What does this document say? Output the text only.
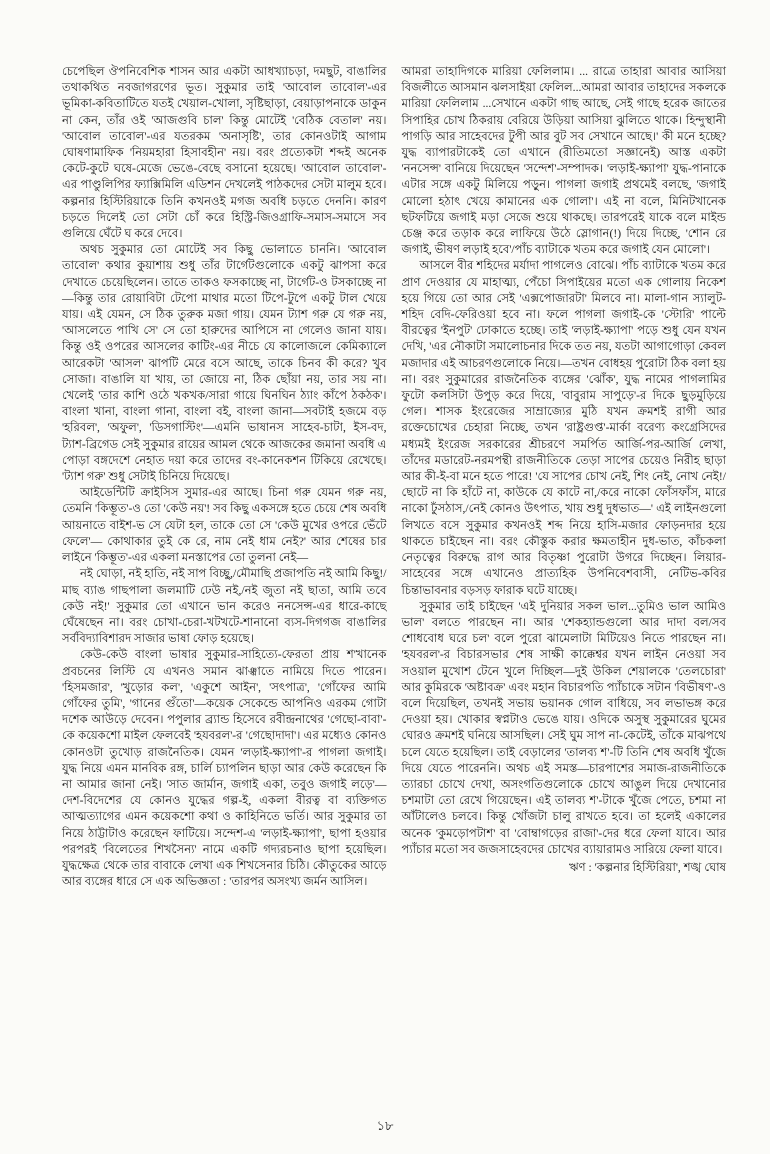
চেপেছিল ঔপনিবেশিক শাসন আর একটা আধখ্যাচড়া, দমছুট, বাঙালির তথাকথিত নবজাগরণের ভূত। সুকুমার তাই 'আবোল তাবোল'-এর ভূমিকা-কবিতাটিতে যতই খেয়াল-খোলা, সৃষ্টিছাড়া, বেয়াড়াপনাকে ডাকুন না কেন, তাঁর ওই 'আজগুবি চাল' কিন্তু মোটেই 'বেঠিক বেতাল' নয়। 'আবোল তাবোল'-এর যতরকম 'অনাসৃষ্টি', তার কোনওটাই আগাম ঘোষণামাফিক 'নিয়মহারা হিসাবহীন' নয়। বরং প্রত্যেকটা শব্দই অনেক কেটে-কুটে ঘষে-মেজে ভেঙে-বেছে বসানো হয়েছে। 'আবোল তাবোল'-এর পাণ্ডুলিপির ফ্যাক্সিমিলি এডিশন দেখলেই পাঠকদের সেটা মালুম হবে। কল্পনার হিস্টিরিয়াকে তিনি কখনওই মগজ অবধি চড়তে দেননি। কারণ চড়তে দিলেই তো সেটা চোঁ করে হিস্ট্রি-জিওগ্রাফি-সমাস-সমাসে সব গুলিয়ে ঘেঁটে ঘ করে দেবে।

অথচ সুকুমার তো মোটেই সব কিছু ভোলাতে চাননি। 'আবোল তাবোল' কথার কুয়াশায় শুধু তাঁর টার্গেটগুলোকে একটু ঝাপসা করে দেখাতে চেয়েছিলেন। তাতে তাকও ফসকাচ্ছে না, টার্গেট-ও টসকাচ্ছে না—কিন্তু তার রোয়াবিটা টেপো মাথার মতো টিপে-টুপে একটু টাল খেয়ে যায়। এই যেমন, সে ঠিক তুরুক মজা গায়। যেমন ট্যাশ গরু যে গরু নয়, 'আসলেতে পাখি সে' সে তো হারুদের আপিসে না গেলেও জানা যায়। কিন্তু ওই ওপরের আসলের কাটিং-এর নীচে যে কালোজলে কেমিক্যালে আরেকটা 'আসল' ঝাপটি মেরে বসে আছে, তাকে চিনব কী করে? খুব সোজা। বাঙালি যা খায়, তা জোয়ে না, ঠিক ছোঁয়া নয়, তার সয় না। খেলেই 'তার কাশি ওঠে খকখক/সারা গায়ে ঘিনঘিন ঠ্যাং কাঁপে ঠকঠক'। বাংলা খানা, বাংলা গানা, বাংলা বই, বাংলা জানা—সবটাই হজমে বড় 'হরিবল', 'অফুল', 'ডিসগাস্টিং'—এমনি ভাষানস সাহেব-চাটা, ইস-বদ, ট্যাশ-ব্রিগেড সেই সুকুমার রায়ের আমল থেকে আজকের জমানা অবধি এ পোড়া বঙ্গদেশে নেহাত দয়া করে তাদের বং-কানেকশন টিকিয়ে রেখেছে। 'ট্যাশ গরু' শুধু সেটাই চিনিয়ে দিয়েছে।

আইডেন্টিটি ক্রাইসিস সুমার-এর আছে। চিনা গরু যেমন গরু নয়, তেমনি 'কিম্ভূত'-ও তো 'কেউ নয়'! সব কিছু একসঙ্গে হতে চেয়ে শেষ অবধি আয়নাতে বাইশ-ভ সে যেটা হল, তাকে তো সে 'কেউ মুখের ওপরে ভেঁটে ফেলে'— কোথাকার তুই কে রে, নাম নেই ধাম নেই?' আর শেষের চার লাইনে 'কিম্ভূত'-এর একলা মনস্তাপের তো তুলনা নেই—

নই ঘোড়া, নই হাতি, নই সাপ বিচ্ছু,/মৌমাছি প্রজাপতি নই আমি কিছু!/মাছ ব্যাঙ গাছপালা জলমাটি ঢেউ নই,/নই জুতা নই ছাতা, আমি তবে কেউ নই!' সুকুমার তো এখানে ভান করেও ননসেন্স-এর ধারে-কাছে ঘেঁষেছেন না। বরং চোখা-চেরা-খটখটে-শানানো ব্যস-দিগগজ বাঙালির সর্ববিদ্যাবিশারদ সাজার ভাষা ফোড় হয়েছে।

কেউ-কেউ বাংলা ভাষার সুকুমার-সাহিত্যে-ফেরতা প্রায় শ'খানেক প্রবচনের লিস্টি যে এখনও সমান ঝাঞ্ঝাতে নামিয়ে দিতে পারেন। 'হিসমজার', 'খুড়োর কল', 'একুশে আইন', 'সৎপাত্র', 'গোঁফের আমি গোঁফের তুমি', 'গানের গুঁতো'—কয়েক সেকেন্ডে আপনিও এরকম গোটা দশেক আউড়ে দেবেন। পপুলার ব্র্যান্ড হিসেবে রবীন্দ্রনাথের 'গেছো-বাবা'-কে কয়েকশো মাইল ফেলবেই 'হযবরল'-র 'গেছোদাদা'। এর মধ্যেও কোনও কোনওটা তুখোড় রাজনৈতিক। যেমন 'লড়াই-ক্ষ্যাপা'-র পাগলা জগাই। যুদ্ধ নিয়ে এমন মানবিক রঙ্গ, চার্লি চ্যাপলিন ছাড়া আর কেউ করেছেন কি না আমার জানা নেই। 'সাত জার্মান, জগাই একা, তবুও জগাই লড়ে'—দেশ-বিদেশের যে কোনও যুদ্ধের গল্প-ই, একলা বীরত্ব বা ব্যক্তিগত আত্মত্যাগের এমন কয়েকশো কথা ও কাহিনিতে ভর্তি। আর সুকুমার তা নিয়ে ঠাট্টাটাও করেছেন ফাটিয়ে। সন্দেশ-এ 'লড়াই-ক্ষ্যাপা', ছাপা হওয়ার পরপরই 'বিলেতের শিখসৈন্য' নামে একটি গদ্যরচনাও ছাপা হয়েছিল। যুদ্ধক্ষেত্র থেকে তার বাবাকে লেখা এক শিখসেনার চিঠি। কৌতুকের আড়ে আর ব্যঙ্গের ধারে সে এক অভিজ্ঞতা : 'তারপর অসংখ্য জর্মন আসিল।

আমরা তাহাদিগকে মারিয়া ফেলিলাম। ... রাত্রে তাহারা আবার আসিয়া বিজলীতে আসমান ঝলসাইয়া ফেলিল...আমরা আবার তাহাদের সকলকে মারিয়া ফেলিলাম ...সেখানে একটা গাছ আছে, সেই গাছে হরেক জাতের সিপাহির চোখ ঠিকরায় বেরিয়ে উড়িয়া আসিয়া ঝুলিতে থাকে। হিন্দুস্থানী পাগড়ি আর সাহেবদের টুপী আর বুট সব সেখানে আছে।' কী মনে হচ্ছে? যুদ্ধ ব্যাপারটাকেই তো এখানে (রীতিমতো সজ্ঞানেই) আস্ত একটা 'ননসেন্স' বানিয়ে দিয়েছেন 'সন্দেশ'-সম্পাদক। 'লড়াই-ক্ষ্যাপা' যুদ্ধ-পানাকে এটার সঙ্গে একটু মিলিয়ে পড়ুন। পাগলা জগাই প্রথমেই বলছে, 'জগাই মোলো হঠাৎ খেয়ে কামানের এক গোলা'। এই না বলে, মিনিটখানেক ছটফটিয়ে জগাই মড়া সেজে শুয়ে থাকছে। তারপরেই যাকে বলে মাইন্ড চেঞ্জ করে তড়াক করে লাফিয়ে উঠে স্লোগান(!) দিয়ে দিচ্ছে, 'শোন রে জগাই, ভীষণ লড়াই হবে'/পাঁচ ব্যাটাকে খতম করে জগাই যেন মোলো'।

আসলে বীর শহিদের মর্যাদা পাগলেও বোঝে। পাঁচ ব্যাটাকে খতম করে প্রাণ দেওয়ার যে মাহাত্ম্য, পেঁচো সিপাইয়ের মতো এক গোলায় নিকেশ হয়ে গিয়ে তো আর সেই 'এক্সপোজারটা' মিলবে না। মালা-গান স্যালুট-শহিদ বেদি-ফেরিওয়া হবে না। ফলে পাগলা জগাই-কে 'স্টোরি' পাল্টে বীরত্বের 'ইনপুট' ঢোকাতে হচ্ছে। তাই 'লড়াই-ক্ষ্যাপা' পড়ে শুধু যেন যখন দেখি, 'এর নৌকাটা সমালোচনার দিকে তত নয়, যতটা আগাগোড়া কেবল মজাদার এই আচরণগুলোকে নিয়ে।—তখন বোধহয় পুরোটা ঠিক বলা হয় না। বরং সুকুমারের রাজনৈতিক ব্যঙ্গের 'ঝোঁক', যুদ্ধ নামের পাগলামির ফুটো কলসিটা উপুড় করে দিয়ে, 'বাবুরাম সাপুড়ে'-র দিকে ছুড়মুড়িয়ে গেল। শাসক ইংরেজের সাম্রাজ্যের মুঠি যখন ক্রমশই রাগী আর রক্তেচোখের চেহারা নিচ্ছে, তখন 'রাষ্ট্রগুপ্ত'-মার্কা বরেণ্য কংগ্রেসিদের মধ্যমই ইংরেজ সরকারের শ্রীচরণে সমর্পিত আর্জি-পর-আর্জি লেখা, তাঁদের মডারেট-নরমপন্থী রাজনীতিকে তেড়া সাপের চেয়েও নিরীহ ছাড়া আর কী-ই-বা মনে হতে পারে! 'যে সাপের চোখ নেই, শিং নেই, নোখ নেই!/ ছোটে না কি হাঁটে না, কাউকে যে কাটে না,/করে নাকো ফোঁসফাঁস, মারে নাকো ঢুঁসঠাস,/নেই কোনও উৎপাত, খায় শুধু দুধভাত—' এই লাইনগুলো লিখতে বসে সুকুমার কখনওই শব্দ নিয়ে হাসি-মজার ফোড়নদার হয়ে থাকতে চাইছেন না। বরং কৌস্তুক করার ক্ষমতাহীন দুধ-ভাত, কাঁচকলা নেতৃত্বের বিরুদ্ধে রাগ আর বিতৃষ্ণা পুরোটা উগরে দিচ্ছেন। লিয়ার-সাহেবের সঙ্গে এখানেও প্রাত্যহিক উপনিবেশবাসী, নেটিভ-কবির চিন্তাভাবনার বড়সড় ফারাক ঘটে যাচ্ছে।

সুকুমার তাই চাইছেন 'এই দুনিয়ার সকল ভাল...তুমিও ভাল আমিও ভাল' বলতে পারছেন না। আর 'শেকহ্যান্ডগুলো আর দাদা বল/সব শোধবোধ ঘরে চল' বলে পুরো ঝামেলাটা মিটিয়েও নিতে পারছেন না। 'হযবরল'-র বিচারসভার শেষ সাক্ষী কাক্কেশ্বর যখন লাইন নেওয়া সব সওয়াল মুখোশ টেনে খুলে দিচ্ছিল—দুই উকিল শেয়ালকে 'তেলচোরা' আর কুমিরকে 'অষ্টাবক্র' এবং মহান বিচারপতি প্যাঁচাকে সটান 'বিভীষণ'-ও বলে দিয়েছিল, তখনই সভায় ভয়ানক গোল বাধিয়ে, সব লভাভঙ্গ করে দেওয়া হয়। খোকার স্বপ্নটাও ভেঙে যায়। ওদিকে অসুস্থ সুকুমারের ঘুমের ঘোরও ক্রমশই ঘনিয়ে আসছিল। সেই ঘুম সাপ না-কেটেই, তাঁকে মাঝপথে চলে যেতে হয়েছিল। তাই বেড়ালের 'তালব্য শ'-টি তিনি শেষ অবধি খুঁজে দিয়ে যেতে পারেননি। অথচ এই সমস্ত—চারপাশের সমাজ-রাজনীতিকে ত্যারচা চোখে দেখা, অসংগতিগুলোকে চোখে আঙুল দিয়ে দেখানোর চশমাটা তো রেখে গিয়েছেন। এই তালব্য শ'-টাকে খুঁজে পেতে, চশমা না আঁটালেও চলবে। কিন্তু খোঁজটা চালু রাখতে হবে। তা হলেই একালের অনেক 'কুমড়োপটাশ' বা 'বোম্বাগড়ের রাজা'-দের ধরে ফেলা যাবে। আর প্যাঁচার মতো সব জজসাহেবদের চোখের ব্যায়ারামও সারিয়ে ফেলা যাবে।

ঋণ : 'কল্পনার হিস্টিরিয়া', শঙ্খ ঘোষ

১৮
